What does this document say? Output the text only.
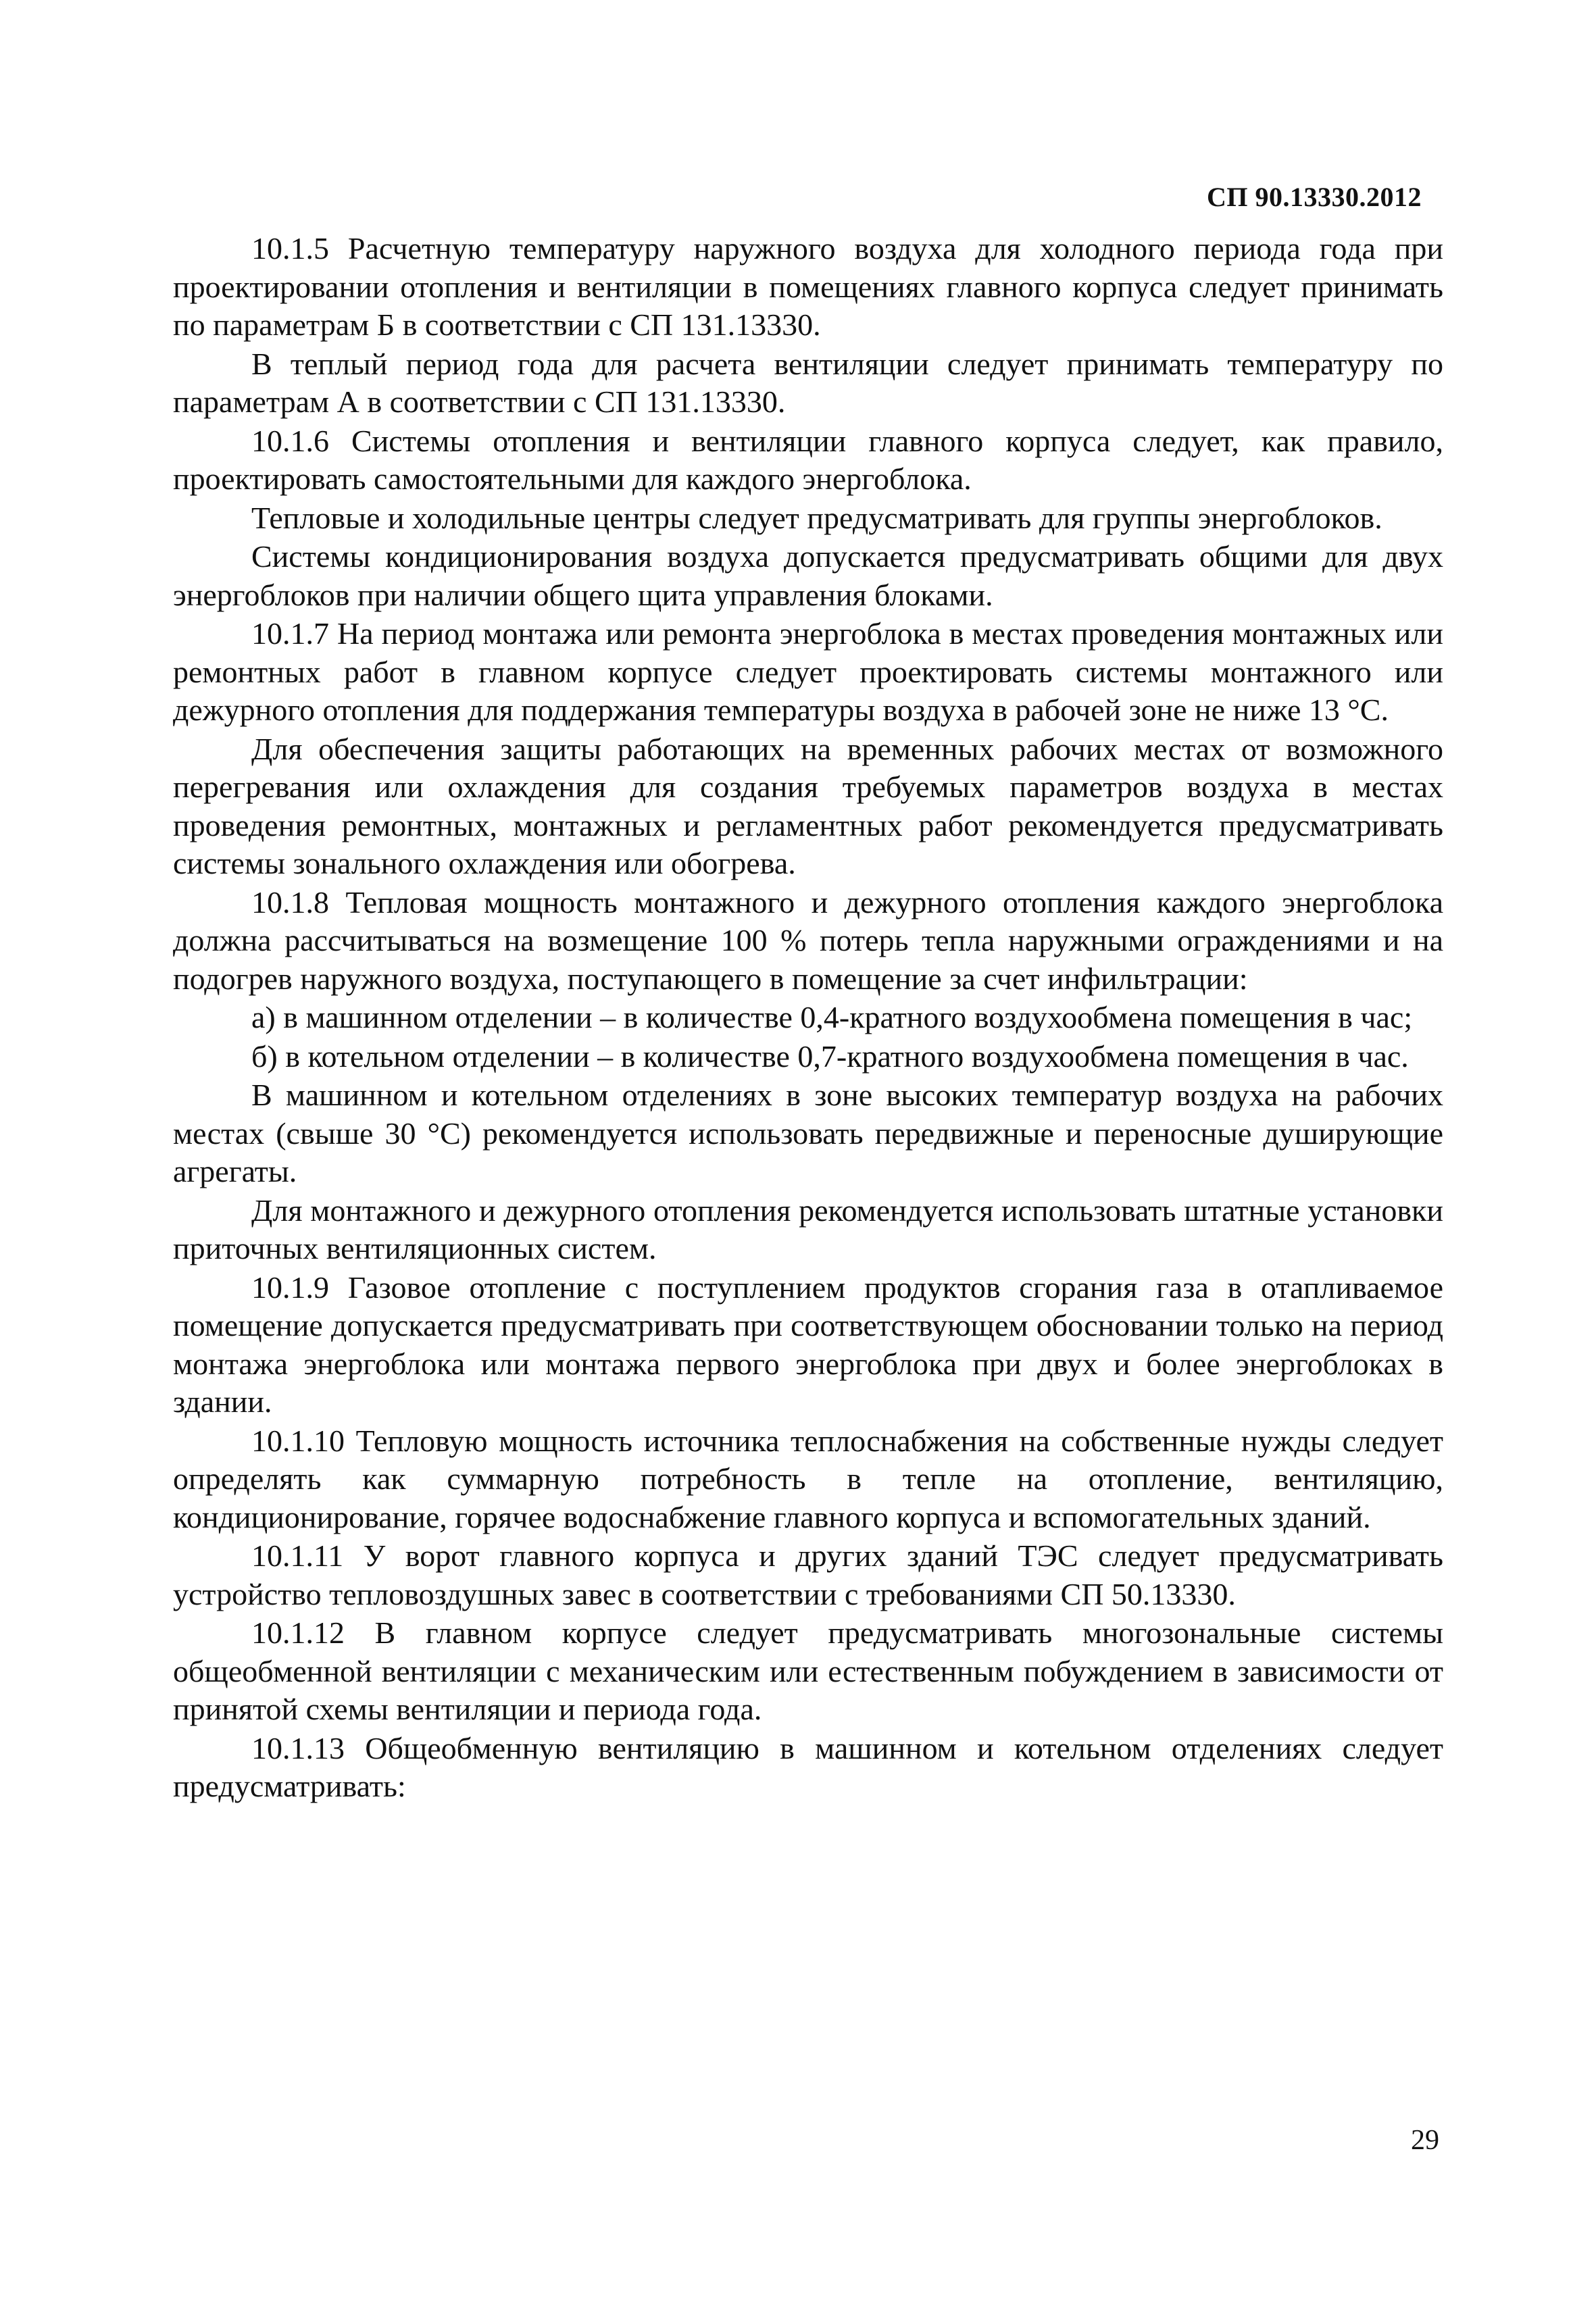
СП 90.13330.2012

10.1.5 Расчетную температуру наружного воздуха для холодного периода года при проектировании отопления и вентиляции в помещениях главного корпуса следует принимать по параметрам Б в соответствии с СП 131.13330.

В теплый период года для расчета вентиляции следует принимать температуру по параметрам А в соответствии с СП 131.13330.

10.1.6 Системы отопления и вентиляции главного корпуса следует, как правило, проектировать самостоятельными для каждого энергоблока.

Тепловые и холодильные центры следует предусматривать для группы энергоблоков.

Системы кондиционирования воздуха допускается предусматривать общими для двух энергоблоков при наличии общего щита управления блоками.

10.1.7 На период монтажа или ремонта энергоблока в местах проведения монтажных или ремонтных работ в главном корпусе следует проектировать системы монтажного или дежурного отопления для поддержания температуры воздуха в рабочей зоне не ниже 13 °С.

Для обеспечения защиты работающих на временных рабочих местах от возможного перегревания или охлаждения для создания требуемых параметров воздуха в местах проведения ремонтных, монтажных и регламентных работ рекомендуется предусматривать системы зонального охлаждения или обогрева.

10.1.8 Тепловая мощность монтажного и дежурного отопления каждого энергоблока должна рассчитываться на возмещение 100 % потерь тепла наружными ограждениями и на подогрев наружного воздуха, поступающего в помещение за счет инфильтрации:

а) в машинном отделении – в количестве 0,4-кратного воздухообмена помещения в час;

б) в котельном отделении – в количестве 0,7-кратного воздухообмена помещения в час.

В машинном и котельном отделениях в зоне высоких температур воздуха на рабочих местах (свыше 30 °С) рекомендуется использовать передвижные и переносные душирующие агрегаты.

Для монтажного и дежурного отопления рекомендуется использовать штатные установки приточных вентиляционных систем.

10.1.9 Газовое отопление с поступлением продуктов сгорания газа в отапливаемое помещение допускается предусматривать при соответствующем обосновании только на период монтажа энергоблока или монтажа первого энергоблока при двух и более энергоблоках в здании.

10.1.10 Тепловую мощность источника теплоснабжения на собственные нужды следует определять как суммарную потребность в тепле на отопление, вентиляцию, кондиционирование, горячее водоснабжение главного корпуса и вспомогательных зданий.

10.1.11 У ворот главного корпуса и других зданий ТЭС следует предусматривать устройство тепловоздушных завес в соответствии с требованиями СП 50.13330.

10.1.12 В главном корпусе следует предусматривать многозональные системы общеобменной вентиляции с механическим или естественным побуждением в зависимости от принятой схемы вентиляции и периода года.

10.1.13 Общеобменную вентиляцию в машинном и котельном отделениях следует предусматривать:

29
